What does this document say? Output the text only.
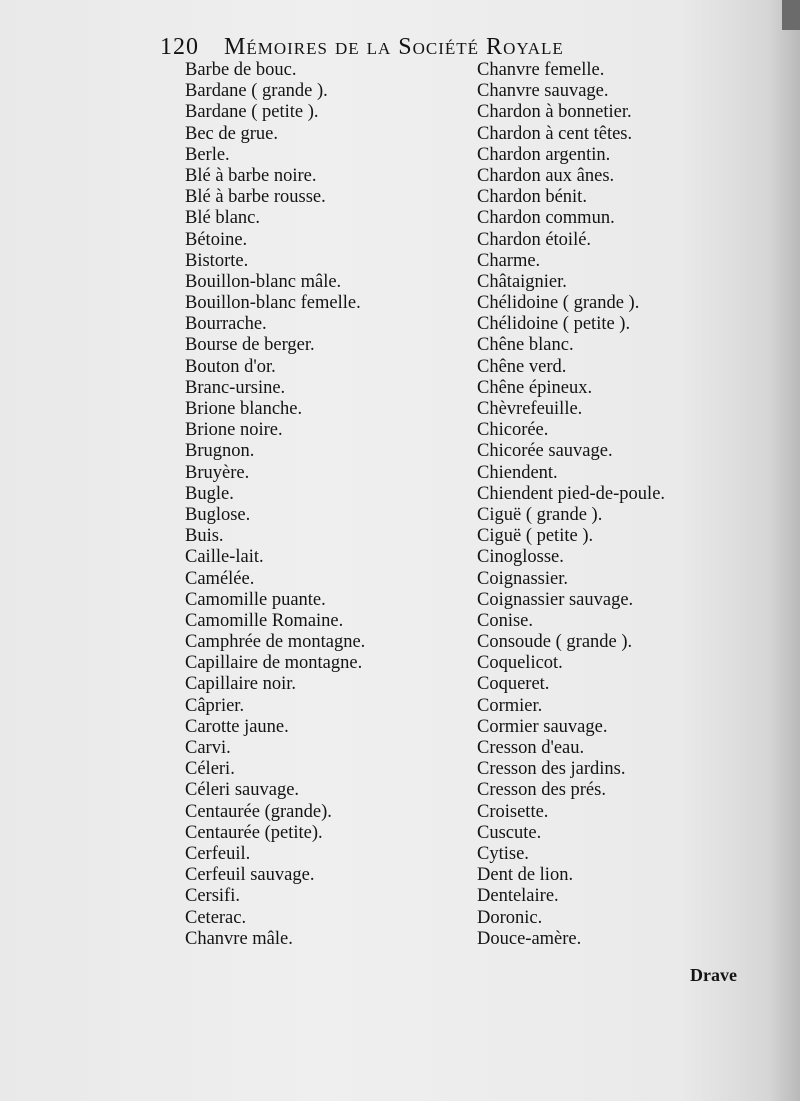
120 Mémoires de la Société Royale
Barbe de bouc.
Bardane ( grande ).
Bardane ( petite ).
Bec de grue.
Berle.
Blé à barbe noire.
Blé à barbe rousse.
Blé blanc.
Bétoine.
Bistorte.
Bouillon-blanc mâle.
Bouillon-blanc femelle.
Bourrache.
Bourse de berger.
Bouton d'or.
Branc-ursine.
Brione blanche.
Brione noire.
Brugnon.
Bruyère.
Bugle.
Buglose.
Buis.
Caille-lait.
Camélée.
Camomille puante.
Camomille Romaine.
Camphrée de montagne.
Capillaire de montagne.
Capillaire noir.
Câprier.
Carotte jaune.
Carvi.
Céleri.
Céleri sauvage.
Centaurée (grande).
Centaurée (petite).
Cerfeuil.
Cerfeuil sauvage.
Cersifi.
Ceterac.
Chanvre mâle.
Chanvre femelle.
Chanvre sauvage.
Chardon à bonnetier.
Chardon à cent têtes.
Chardon argentin.
Chardon aux ânes.
Chardon bénit.
Chardon commun.
Chardon étoilé.
Charme.
Châtaignier.
Chélidoine ( grande ).
Chélidoine ( petite ).
Chêne blanc.
Chêne verd.
Chêne épineux.
Chèvrefeuille.
Chicorée.
Chicorée sauvage.
Chiendent.
Chiendent pied-de-poule.
Ciguë ( grande ).
Ciguë ( petite ).
Cinoglosse.
Coignassier.
Coignassier sauvage.
Conise.
Consoude ( grande ).
Coquelicot.
Coqueret.
Cormier.
Cormier sauvage.
Cresson d'eau.
Cresson des jardins.
Cresson des prés.
Croisette.
Cuscute.
Cytise.
Dent de lion.
Dentelaire.
Doronic.
Douce-amère.
Drave
